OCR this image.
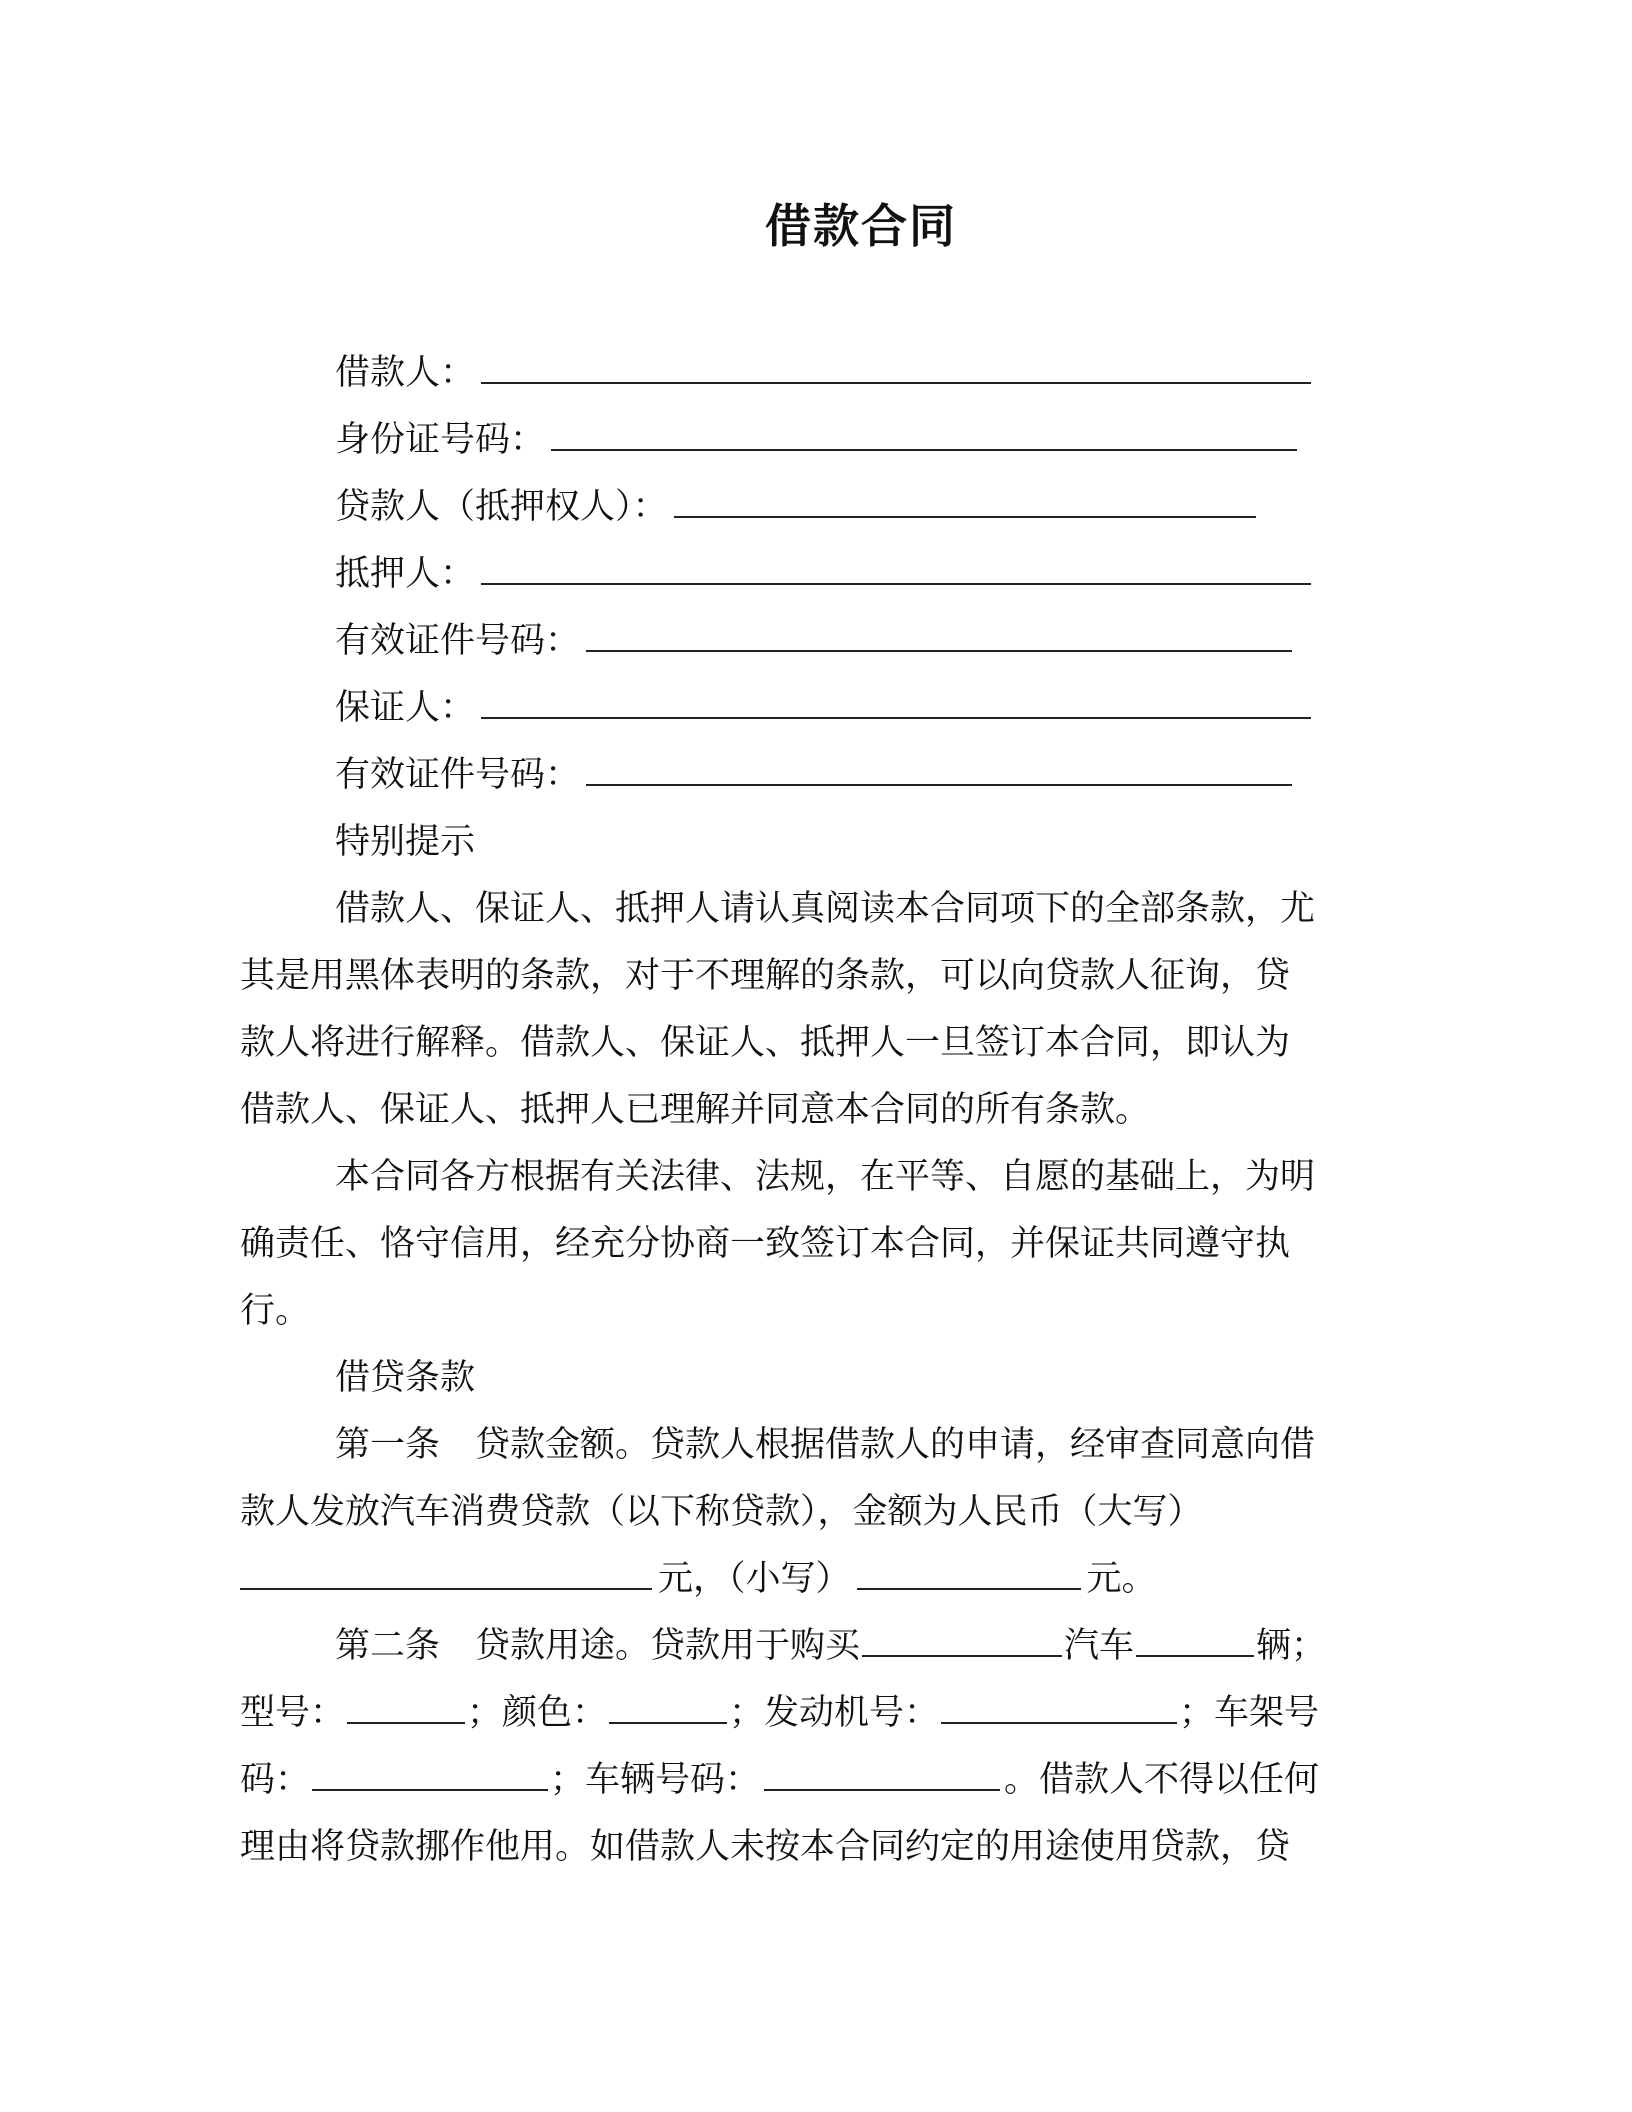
借款合同
借款人：
身份证号码：
贷款人（抵押权人）：
抵押人：
有效证件号码：
保证人：
有效证件号码：
特别提示
借款人、保证人、抵押人请认真阅读本合同项下的全部条款，尤
其是用黑体表明的条款，对于不理解的条款，可以向贷款人征询，贷
款人将进行解释。借款人、保证人、抵押人一旦签订本合同，即认为
借款人、保证人、抵押人已理解并同意本合同的所有条款。
本合同各方根据有关法律、法规，在平等、自愿的基础上，为明
确责任、恪守信用，经充分协商一致签订本合同，并保证共同遵守执
行。
借贷条款
第一条　贷款金额。贷款人根据借款人的申请，经审查同意向借
款人发放汽车消费贷款（以下称贷款），金额为人民币（大写）
元，（小写）	元。
第二条　贷款用途。贷款用于购买	汽车	辆；
型号：	；颜色：	；发动机号：	；车架号
码：	；车辆号码：	。借款人不得以任何
理由将贷款挪作他用。如借款人未按本合同约定的用途使用贷款，贷
